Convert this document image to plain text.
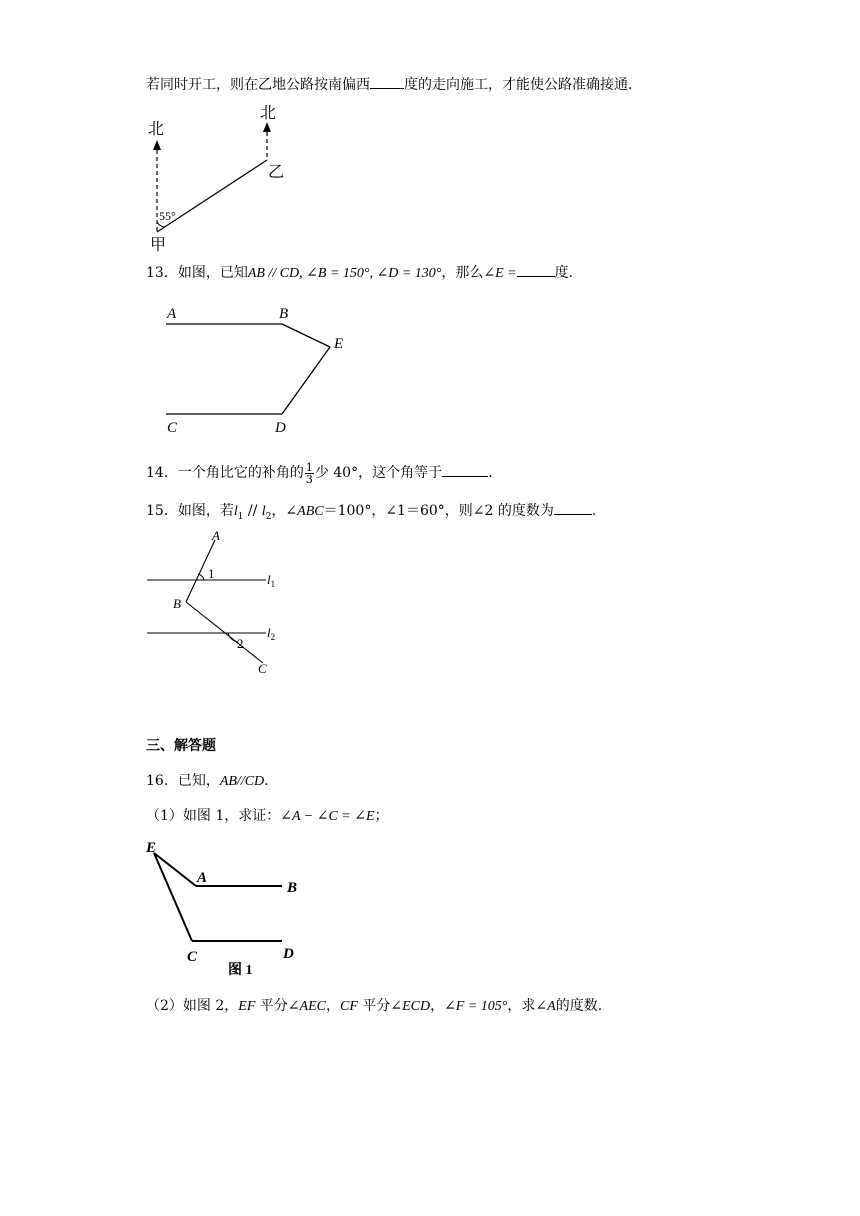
若同时开工，则在乙地公路按南偏西 度的走向施工，才能使公路准确接通.
北
北
55°
乙
甲
13．如图，已知AB // CD, ∠B = 150°, ∠D = 130°，那么∠E =	度.
A	B
E
C	D
14．一个角比它的补角的 $\frac{1}{3}$ 少 40°，这个角等于	.
15．如图，若$l_1 // l_2$，∠ABC＝100°，∠1＝60°，则∠2 的度数为	.
A
B
C
1
2
$l_1$
$l_2$
三、解答题
16．已知，AB//CD.
（1）如图 1，求证：∠A − ∠C = ∠E；
E
A
B
C	D
图 1
（2）如图 2，EF 平分∠AEC，CF 平分∠ECD，∠F = 105°，求∠A的度数.
